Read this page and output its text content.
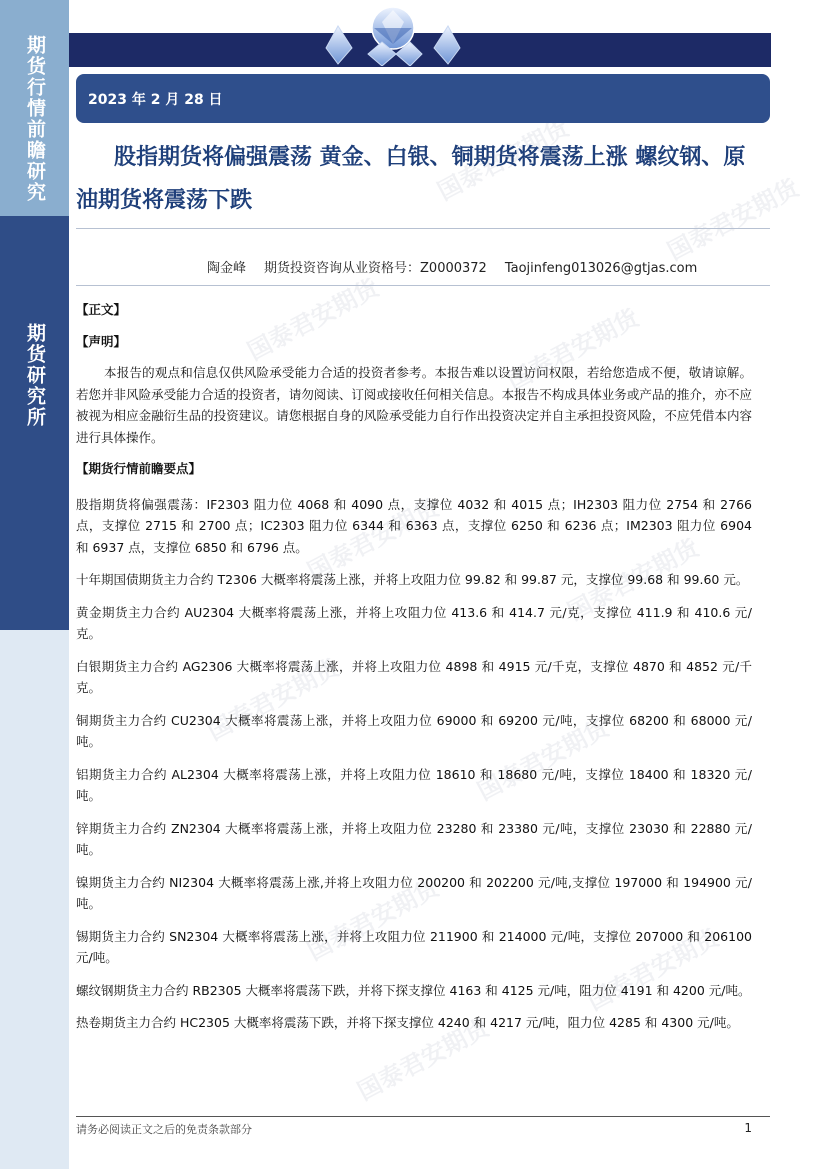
期货行情前瞻研究
期货研究所
国泰君安期货
国泰君安期货
国泰君安期货	国泰君安期货
国泰君安期货	国泰君安期货
国泰君安期货
国泰君安期货
国泰君安期货
国泰君安期货
国泰君安期货
2023 年 2 月 28 日
股指期货将偏强震荡 黄金、白银、铜期货将震荡上涨 螺纹钢、原油期货将震荡下跌
陶金峰 期货投资咨询从业资格号：Z0000372 Taojinfeng013026@gtjas.com

【正文】

【声明】

本报告的观点和信息仅供风险承受能力合适的投资者参考。本报告难以设置访问权限，若给您造成不便，敬请谅解。若您并非风险承受能力合适的投资者，请勿阅读、订阅或接收任何相关信息。本报告不构成具体业务或产品的推介，亦不应被视为相应金融衍生品的投资建议。请您根据自身的风险承受能力自行作出投资决定并自主承担投资风险，不应凭借本内容进行具体操作。

【期货行情前瞻要点】

股指期货将偏强震荡：IF2303 阻力位 4068 和 4090 点，支撑位 4032 和 4015 点；IH2303 阻力位 2754 和 2766 点，支撑位 2715 和 2700 点；IC2303 阻力位 6344 和 6363 点，支撑位 6250 和 6236 点；IM2303 阻力位 6904 和 6937 点，支撑位 6850 和 6796 点。

十年期国债期货主力合约 T2306 大概率将震荡上涨，并将上攻阻力位 99.82 和 99.87 元，支撑位 99.68 和 99.60 元。

黄金期货主力合约 AU2304 大概率将震荡上涨，并将上攻阻力位 413.6 和 414.7 元/克，支撑位 411.9 和 410.6 元/克。

白银期货主力合约 AG2306 大概率将震荡上涨，并将上攻阻力位 4898 和 4915 元/千克，支撑位 4870 和 4852 元/千克。

铜期货主力合约 CU2304 大概率将震荡上涨，并将上攻阻力位 69000 和 69200 元/吨，支撑位 68200 和 68000 元/吨。

铝期货主力合约 AL2304 大概率将震荡上涨，并将上攻阻力位 18610 和 18680 元/吨，支撑位 18400 和 18320 元/吨。

锌期货主力合约 ZN2304 大概率将震荡上涨，并将上攻阻力位 23280 和 23380 元/吨，支撑位 23030 和 22880 元/吨。

镍期货主力合约 NI2304 大概率将震荡上涨,并将上攻阻力位 200200 和 202200 元/吨,支撑位 197000 和 194900 元/吨。

锡期货主力合约 SN2304 大概率将震荡上涨，并将上攻阻力位 211900 和 214000 元/吨，支撑位 207000 和 206100 元/吨。

螺纹钢期货主力合约 RB2305 大概率将震荡下跌，并将下探支撑位 4163 和 4125 元/吨，阻力位 4191 和 4200 元/吨。

热卷期货主力合约 HC2305 大概率将震荡下跌，并将下探支撑位 4240 和 4217 元/吨，阻力位 4285 和 4300 元/吨。

请务必阅读正文之后的免责条款部分	1
